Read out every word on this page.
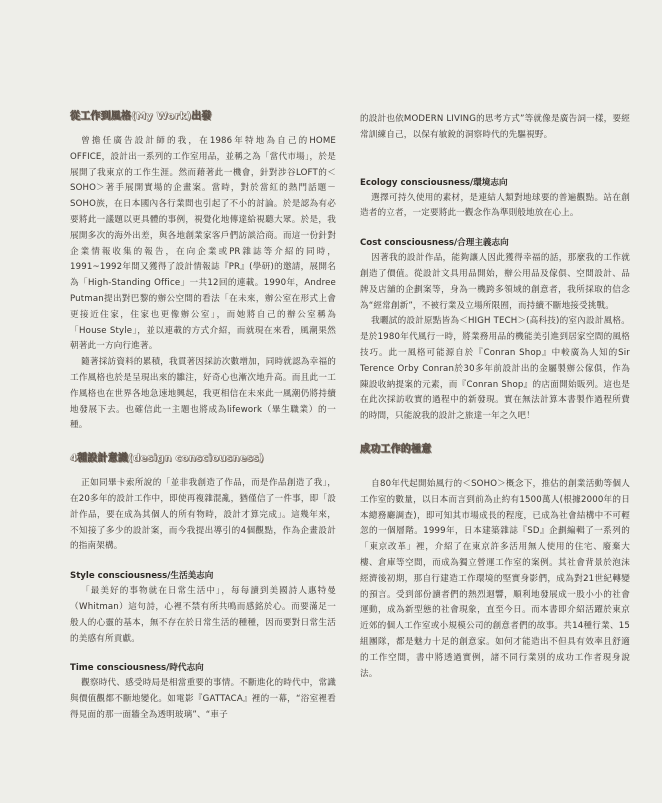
從工作到風格(My Work)出發

曾擔任廣告設計師的我，在1986年特地為自己的HOME OFFICE，設計出一系列的工作室用品，並稱之為「當代市場」，於是展開了我東京的工作生涯。然而藉著此一機會，針對涉谷LOFT的＜SOHO＞著手展開實場的企畫案。當時，對於當紅的熱門話題－SOHO族，在日本國內各行業間也引起了不小的討論。於是認為有必要將此一議題以更具體的事例，視覺化地傳達給視聽大眾。於是，我展開多次的海外出差，與各地創業家客戶們訪談洽商。而這一份針對企業情報收集的報告，在向企業或PR雜誌等介紹的同時，1991~1992年間又獲得了設計情報誌『PR』(學研)的邀請，展開名為「High-Standing Office」一共12回的連載。1990年，Andree Putman提出對巴黎的辦公空間的看法「在未來，辦公室在形式上會更接近住家，住家也更像辦公室」，而她將自己的辦公室稱為「House Style」，並以連載的方式介紹，而就現在來看，風潮果然朝著此一方向行進著。

隨著採訪資料的累積，我貫著因採訪次數增加，同時就認為幸福的工作風格也於是呈現出來的雛注，好奇心也漸次地升高。而且此一工作風格也在世界各地急速地興起，我更相信在未來此一風潮仍將持續地發展下去。也確信此一主題也將成為lifework（畢生職業）的一種。

4種設計意識(design consciousness)

正如同畢卡索所說的「並非我創造了作品，而是作品創造了我」，在20多年的設計工作中，即使再複雜混亂，猶僅信了一件事，即「設計作品，要在成為其個人的所有物時，設計才算完成」。這幾年來，不知接了多少的設計案，而今我提出導引的4個觀點，作為企畫設計的指南架構。

Style consciousness/生活美志向

「最美好的事物就在日常生活中」，每每讀到美國詩人惠特曼（Whitman）這句詩，心裡不禁有所共鳴而感銘於心。而要滿足一般人的心靈的基本，無不存在於日常生活的種種，因而要對日常生活的美感有所貢獻。

Time consciousness/時代志向

觀察時代、感受時局是相當重要的事情。不斷進化的時代中，常識與價值觀都不斷地變化。如電影『GATTACA』裡的一幕，“浴室裡看得見面的那一面牆全為透明玻璃”、“車子

的設計也依MODERN LIVING的思考方式”等就像是廣告詞一樣，要經常訓練自己，以保有敏銳的洞察時代的先驅視野。

Ecology consciousness/環境志向

選擇可持久使用的素材，是連結人類對地球要的普遍觀點。站在創造者的立者，一定要將此一觀念作為準則般地放在心上。

Cost consciousness/合理主義志向

因著我的設計作品，能夠讓人因此獲得幸福的話，那麼我的工作就創造了價值。從設計文具用品開始，辦公用品及傢俱、空間設計、品牌及店舖的企劃案等，身為一機跨多領域的創意者，我所採取的信念為“經常創新”，不被行業及立場所限囿，而持續不斷地接受挑戰。

我曬試的設計原點皆為＜HIGH TECH＞(高科技)的室內設計風格。是於1980年代風行一時，將業務用品的機能美引進到居家空間的風格技巧。此一風格可能源自於『Conran Shop』中較廣為人知的Sir Terence Orby Conran於30多年前設計出的金屬製辦公傢俱，作為陳設收納提案的元素，而『Conran Shop』的店面開始販列。這也是在此次採訪收實的過程中的新發現。實在無法計算本書製作過程所費的時間，只能說我的設計之旅達一年之久吧！

成功工作的極意

自80年代起開始風行的＜SOHO＞概念下，推估的創業活動等個人工作室的數量，以日本而言到前為止約有1500萬人(根據2000年的日本總務廳調查)，即可知其市場成長的程度，已成為社會結構中不可輕忽的一個層階。1999年，日本建築雜誌『SD』企劃編輯了一系列的「東京改革」裡，介紹了在東京許多活用無人使用的住宅、廢棄大樓、倉庫等空間，而成為獨立營運工作室的案例。其社會背景於泡沫經濟後初期，那自行建造工作環境的堅實身影們，成為對21世紀轉變的預言。受到部份讀者們的熱烈迴響，順利地發展成一股小小的社會運動，成為新型態的社會現象，直至今日。而本書即介紹活躍於東京近郊的個人工作室或小規模公司的創意者們的故事。共14種行業、15組團隊，都是魅力十足的創意家。如何才能造出不但具有效率且舒適的工作空間，書中將透過實例，諸不同行業別的成功工作者現身說法。
